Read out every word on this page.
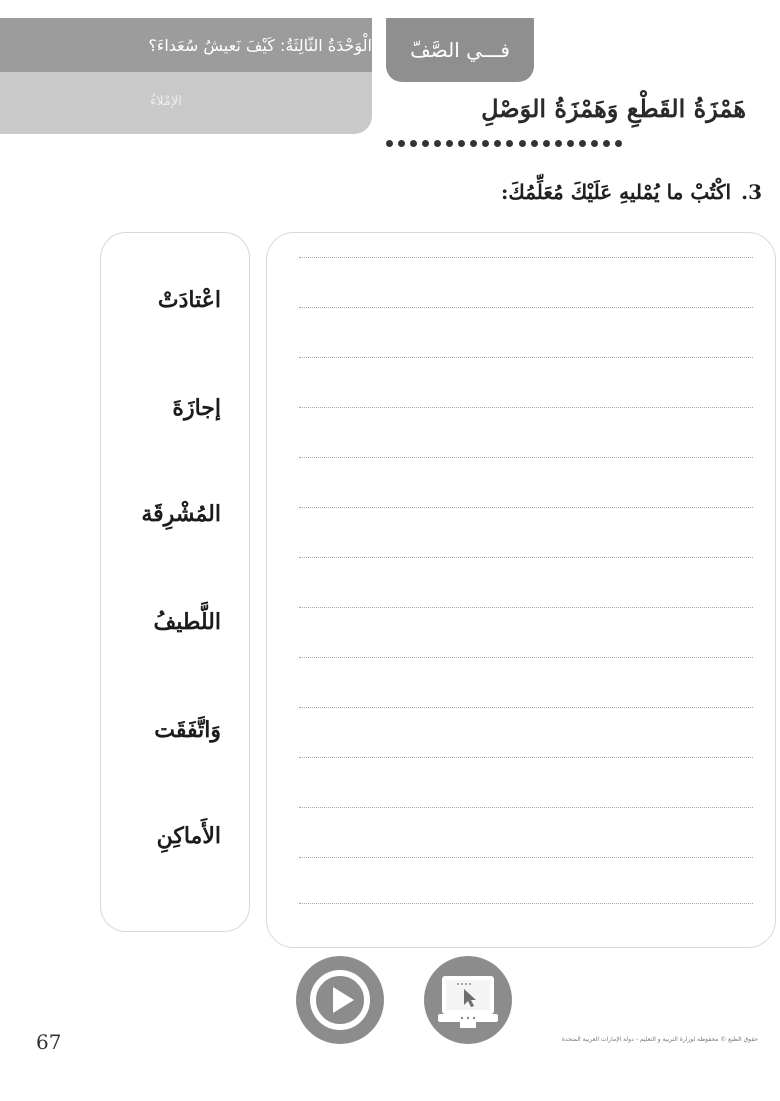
الْوَحْدَةُ الثّالِثَةُ: كَيْفَ نَعيشُ سُعَداءَ؟
الإمْلاءُ
فـــي الصَّفّ
هَمْزَةُ القَطْعِ وَهَمْزَةُ الوَصْلِ
3.
اكْتُبْ ما يُمْليهِ عَلَيْكَ مُعَلِّمُكَ:
اعْتادَتْ
إجازَةَ
المُشْرِقَة
اللَّطيفُ
وَاتَّفَقَت
الأَماكِنِ
67	حقوق الطبع © محفوظة لوزارة التربية و التعليم - دولة الإمارات العربية المتحدة
